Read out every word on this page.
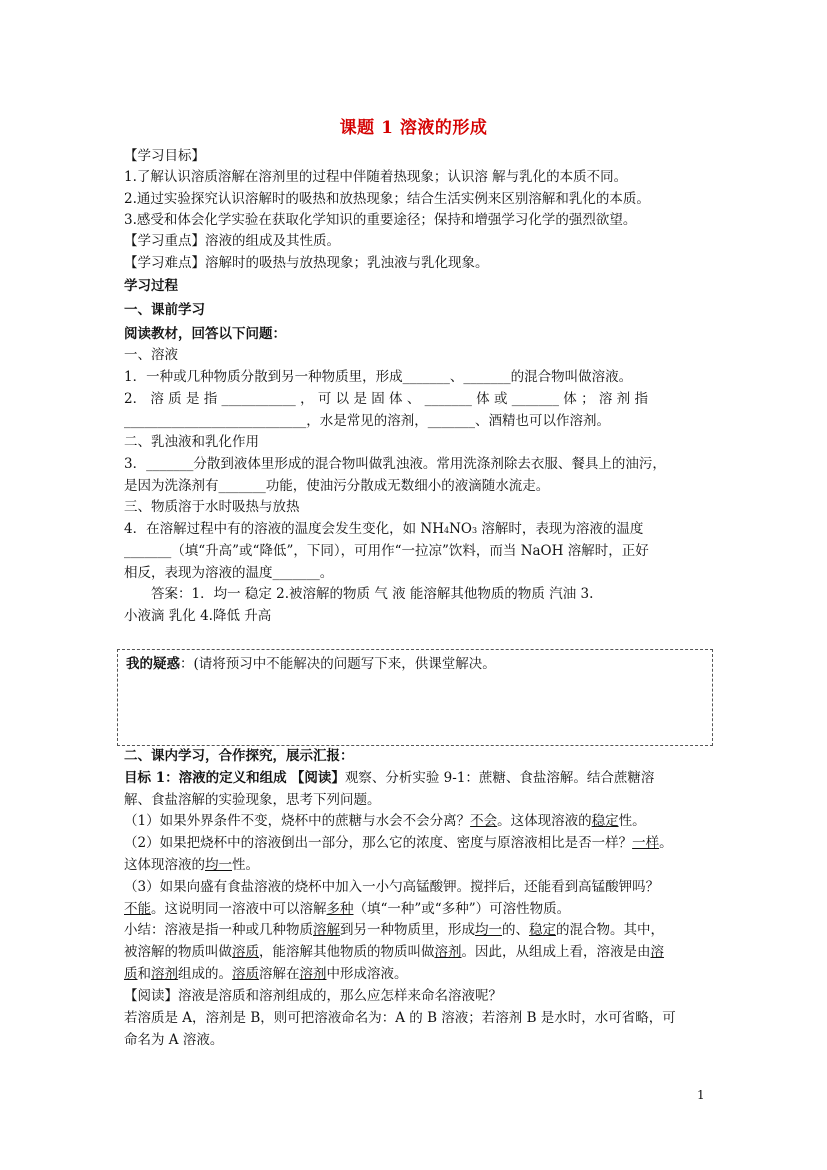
课题 1 溶液的形成
【学习目标】
1.了解认识溶质溶解在溶剂里的过程中伴随着热现象；认识溶 解与乳化的本质不同。
2.通过实验探究认识溶解时的吸热和放热现象；结合生活实例来区别溶解和乳化的本质。
3.感受和体会化学实验在获取化学知识的重要途径；保持和增强学习化学的强烈欲望。
【学习重点】溶液的组成及其性质。
【学习难点】溶解时的吸热与放热现象；乳浊液与乳化现象。
学习过程
一、课前学习
阅读教材，回答以下问题：
一、溶液
1．一种或几种物质分散到另一种物质里，形成_______、_______的混合物叫做溶液。
2． 溶 质 是 指 ___________ ， 可 以 是 固 体 、 _______ 体 或 _______ 体 ； 溶 剂 指
___________________________，水是常见的溶剂，_______、酒精也可以作溶剂。
二、乳浊液和乳化作用
3．_______分散到液体里形成的混合物叫做乳浊液。常用洗涤剂除去衣服、餐具上的油污，
是因为洗涤剂有_______功能，使油污分散成无数细小的液滴随水流走。
三、物质溶于水时吸热与放热
4．在溶解过程中有的溶液的温度会发生变化，如 NH4NO3 溶解时，表现为溶液的温度
_______（填“升高”或“降低”，下同），可用作“一拉凉”饮料，而当 NaOH 溶解时，正好
相反，表现为溶液的温度_______。
答案：1．均一 稳定 2.被溶解的物质 气 液 能溶解其他物质的物质 汽油 3.
小液滴 乳化 4.降低 升高
我的疑惑：(请将预习中不能解决的问题写下来，供课堂解决。
二、课内学习，合作探究，展示汇报：
目标 1：溶液的定义和组成 【阅读】观察、分析实验 9-1：蔗糖、食盐溶解。结合蔗糖溶
解、食盐溶解的实验现象，思考下列问题。
（1）如果外界条件不变，烧杯中的蔗糖与水会不会分离？不会。这体现溶液的稳定性。
（2）如果把烧杯中的溶液倒出一部分，那么它的浓度、密度与原溶液相比是否一样？一样。
这体现溶液的均一性。
（3）如果向盛有食盐溶液的烧杯中加入一小勺高锰酸钾。搅拌后，还能看到高锰酸钾吗？
不能。这说明同一溶液中可以溶解多种（填“一种”或“多种”）可溶性物质。
小结：溶液是指一种或几种物质溶解到另一种物质里，形成均一的、稳定的混合物。其中，
被溶解的物质叫做溶质，能溶解其他物质的物质叫做溶剂。因此，从组成上看，溶液是由溶
质和溶剂组成的。溶质溶解在溶剂中形成溶液。
【阅读】溶液是溶质和溶剂组成的，那么应怎样来命名溶液呢？
若溶质是 A，溶剂是 B，则可把溶液命名为：A 的 B 溶液；若溶剂 B 是水时，水可省略，可
命名为 A 溶液。
1
